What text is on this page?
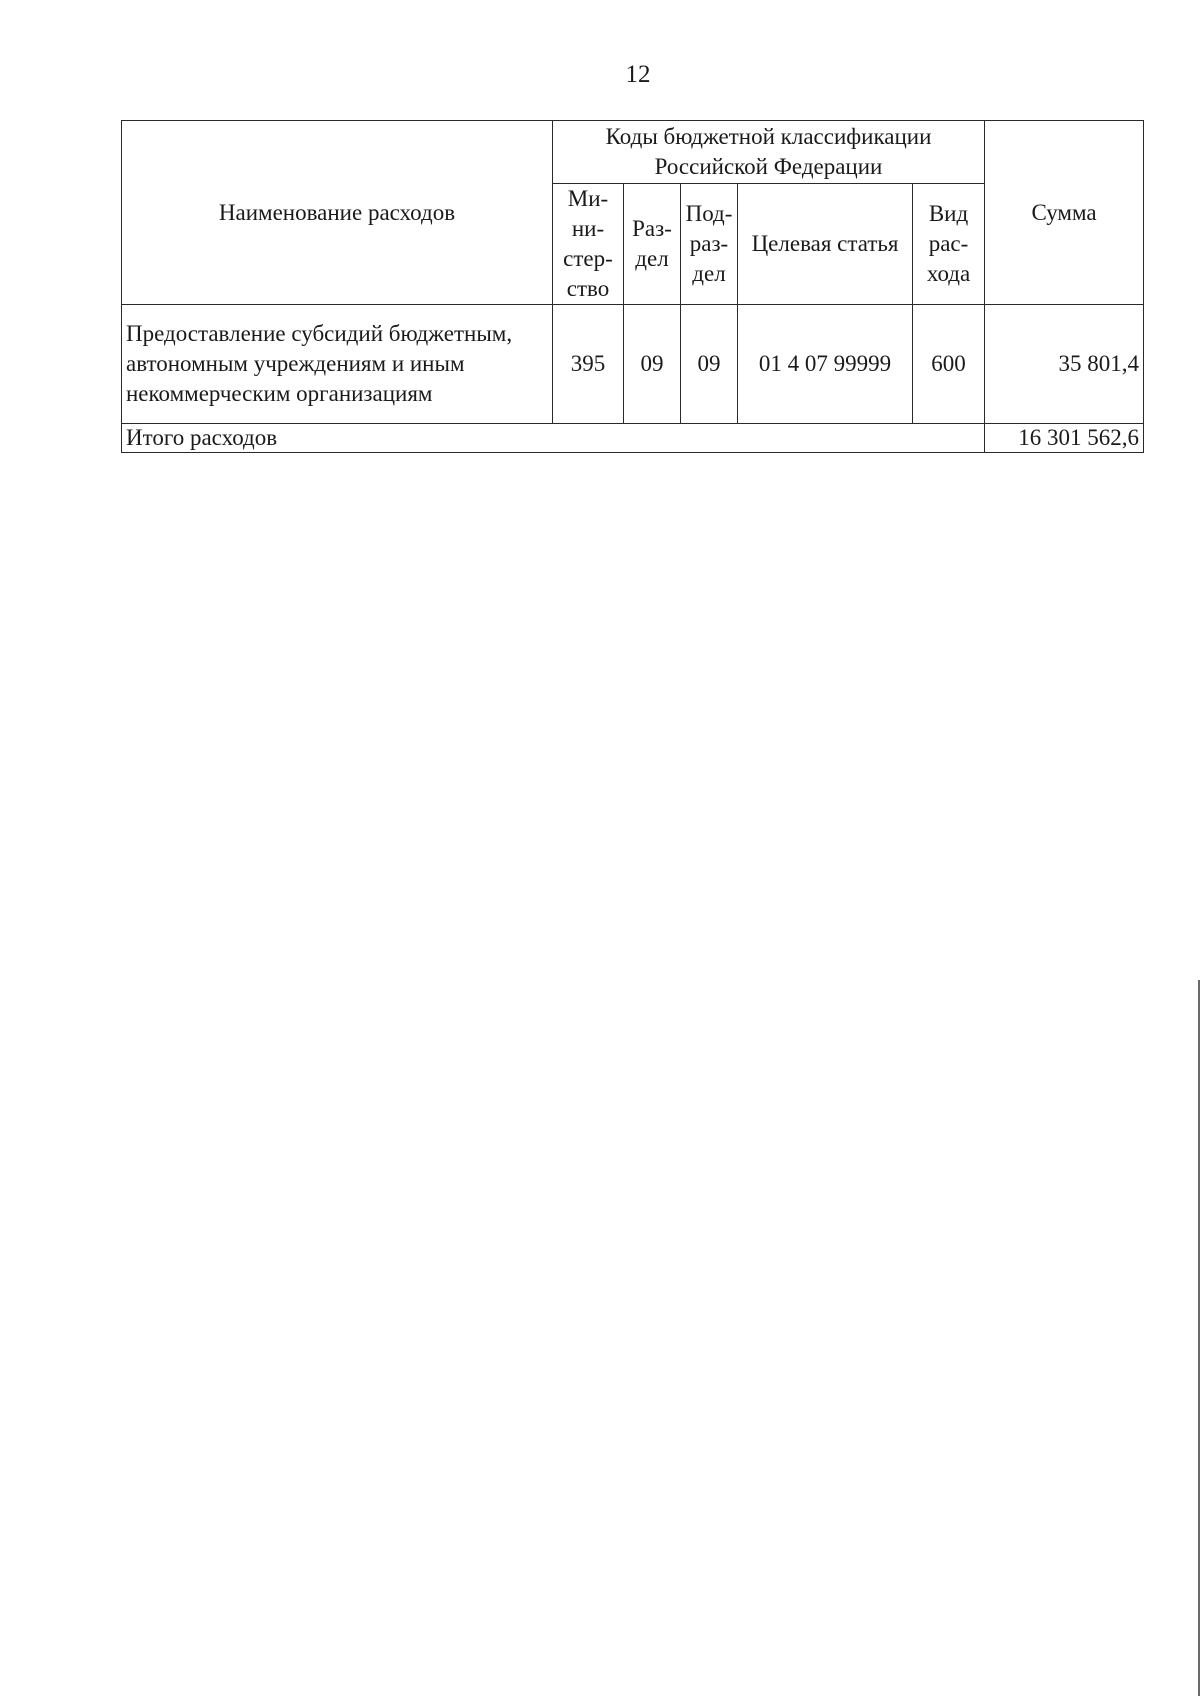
12
Наименование расходов	Коды бюджетной классификации Российской Федерации					Сумма
	Ми-ни-стер-ство	Раз-дел	Под-раз-дел	Целевая статья	Вид рас-хода	
Предоставление субсидий бюджетным, автономным учреждениям и иным некоммерческим организациям	395	09	09	01 4 07 99999	600	35 801,4
Итого расходов						16 301 562,6
